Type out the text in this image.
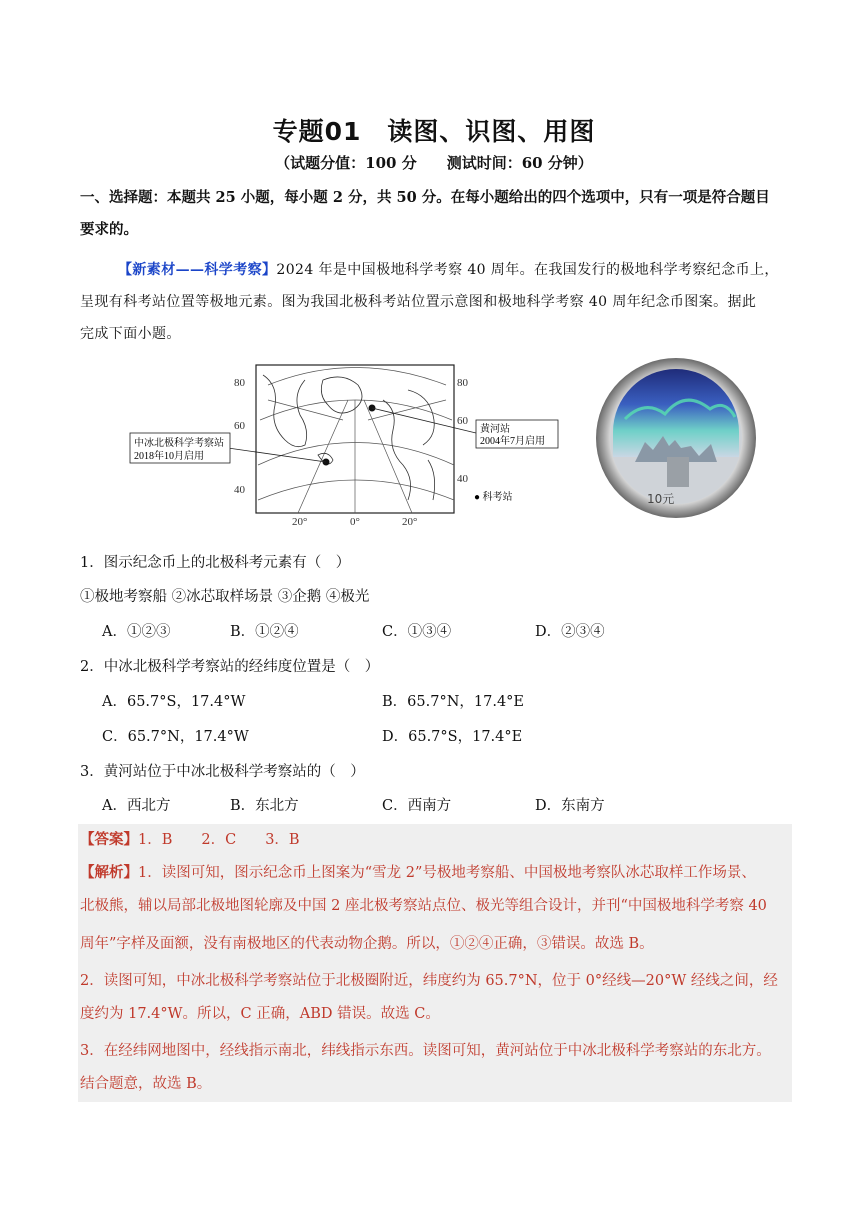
专题01　读图、识图、用图
（试题分值：100 分　　测试时间：60 分钟）
一、选择题：本题共 25 小题，每小题 2 分，共 50 分。在每小题给出的四个选项中，只有一项是符合题目
要求的。
【新素材——科学考察】2024 年是中国极地科学考察 40 周年。在我国发行的极地科学考察纪念币上，
呈现有科考站位置等极地元素。图为我国北极科考站位置示意图和极地科学考察 40 周年纪念币图案。据此
完成下面小题。
80
60
40
80
60
40
20°	0°	20°
中冰北极科学考察站
2018年10月启用
黄河站
2004年7月启用
● 科考站	10元
1．图示纪念币上的北极科考元素有（　）
①极地考察船 ②冰芯取样场景 ③企鹅 ④极光
A．①②③	B．①②④	C．①③④	D．②③④
2．中冰北极科学考察站的经纬度位置是（　）
A．65.7°S，17.4°W	B．65.7°N，17.4°E
C．65.7°N，17.4°W	D．65.7°S，17.4°E
3．黄河站位于中冰北极科学考察站的（　）
A．西北方	B．东北方	C．西南方	D．东南方
【答案】1．B　　2．C　　3．B
【解析】1．读图可知，图示纪念币上图案为“雪龙 2”号极地考察船、中国极地考察队冰芯取样工作场景、
北极熊，辅以局部北极地图轮廓及中国 2 座北极考察站点位、极光等组合设计，并刊“中国极地科学考察 40
周年”字样及面额，没有南极地区的代表动物企鹅。所以，①②④正确，③错误。故选 B。
2．读图可知，中冰北极科学考察站位于北极圈附近，纬度约为 65.7°N，位于 0°经线—20°W 经线之间，经
度约为 17.4°W。所以，C 正确，ABD 错误。故选 C。
3．在经纬网地图中，经线指示南北，纬线指示东西。读图可知，黄河站位于中冰北极科学考察站的东北方。
结合题意，故选 B。
